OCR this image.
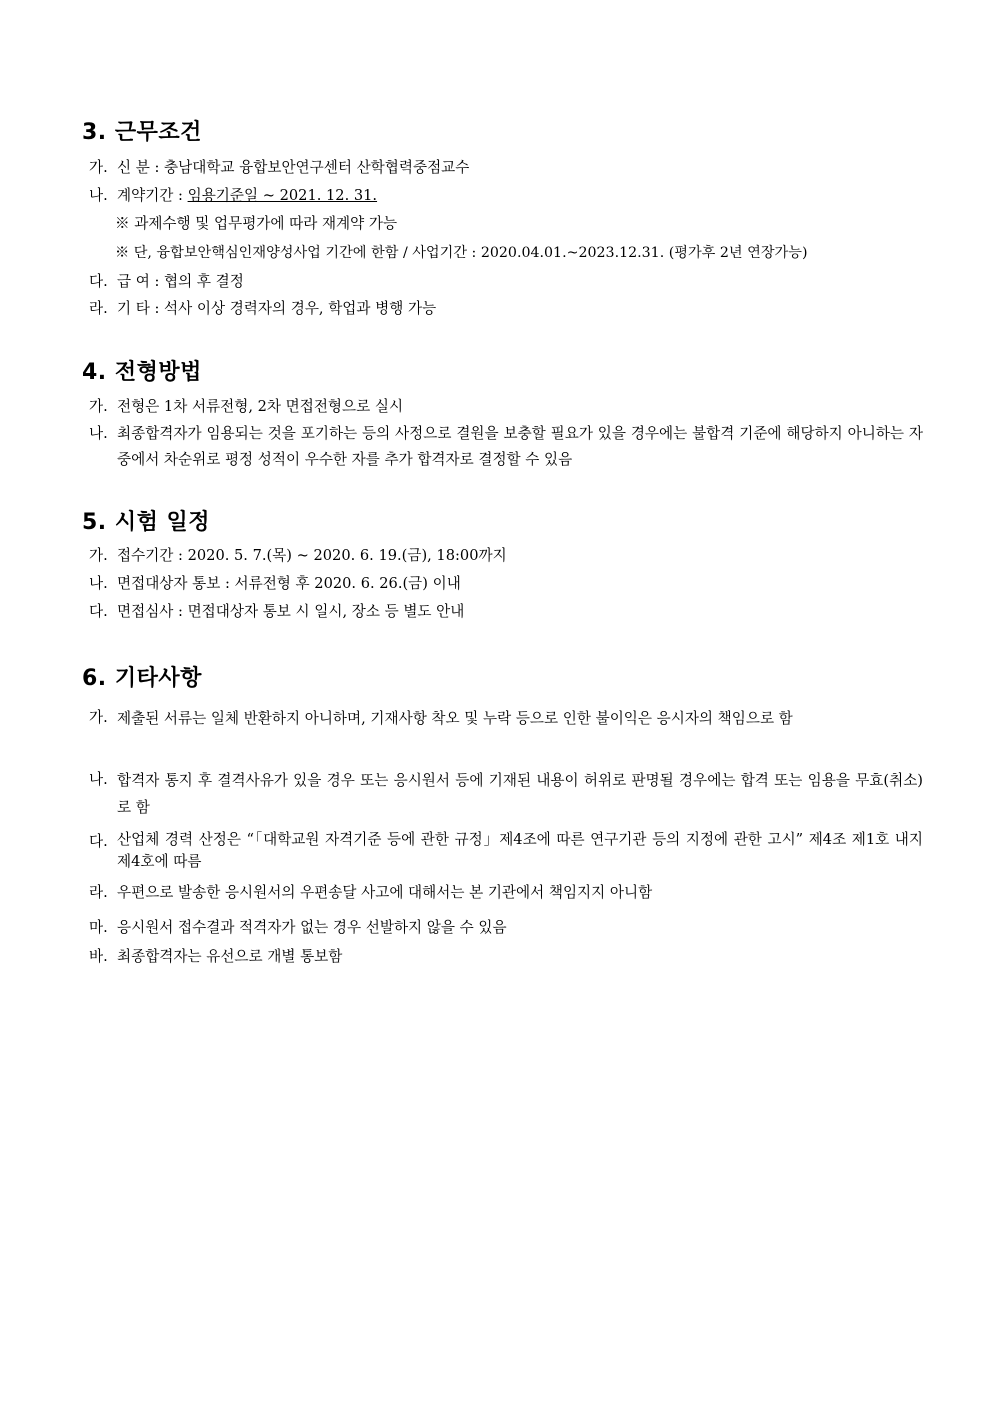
3. 근무조건
가. 신 분 : 충남대학교 융합보안연구센터 산학협력중점교수
나. 계약기간 : 임용기준일 ~ 2021. 12. 31.
※ 과제수행 및 업무평가에 따라 재계약 가능
※ 단, 융합보안핵심인재양성사업 기간에 한함 / 사업기간 : 2020.04.01.~2023.12.31. (평가후 2년 연장가능)
다. 급 여 : 협의 후 결정
라. 기 타 : 석사 이상 경력자의 경우, 학업과 병행 가능
4. 전형방법
가. 전형은 1차 서류전형, 2차 면접전형으로 실시
나. 최종합격자가 임용되는 것을 포기하는 등의 사정으로 결원을 보충할 필요가 있을 경우에는 불합격 기준에 해당하지 아니하는 자 중에서 차순위로 평정 성적이 우수한 자를 추가 합격자로 결정할 수 있음
5. 시험 일정
가. 접수기간 : 2020. 5. 7.(목) ~ 2020. 6. 19.(금), 18:00까지
나. 면접대상자 통보 : 서류전형 후 2020. 6. 26.(금) 이내
다. 면접심사 : 면접대상자 통보 시 일시, 장소 등 별도 안내
6. 기타사항
가. 제출된 서류는 일체 반환하지 아니하며, 기재사항 착오 및 누락 등으로 인한 불이익은 응시자의 책임으로 함
나. 합격자 통지 후 결격사유가 있을 경우 또는 응시원서 등에 기재된 내용이 허위로 판명될 경우에는 합격 또는 임용을 무효(취소)로 함
다. 산업체 경력 산정은 “「대학교원 자격기준 등에 관한 규정」제4조에 따른 연구기관 등의 지정에 관한 고시” 제4조 제1호 내지 제4호에 따름
라. 우편으로 발송한 응시원서의 우편송달 사고에 대해서는 본 기관에서 책임지지 아니함
마. 응시원서 접수결과 적격자가 없는 경우 선발하지 않을 수 있음
바. 최종합격자는 유선으로 개별 통보함
